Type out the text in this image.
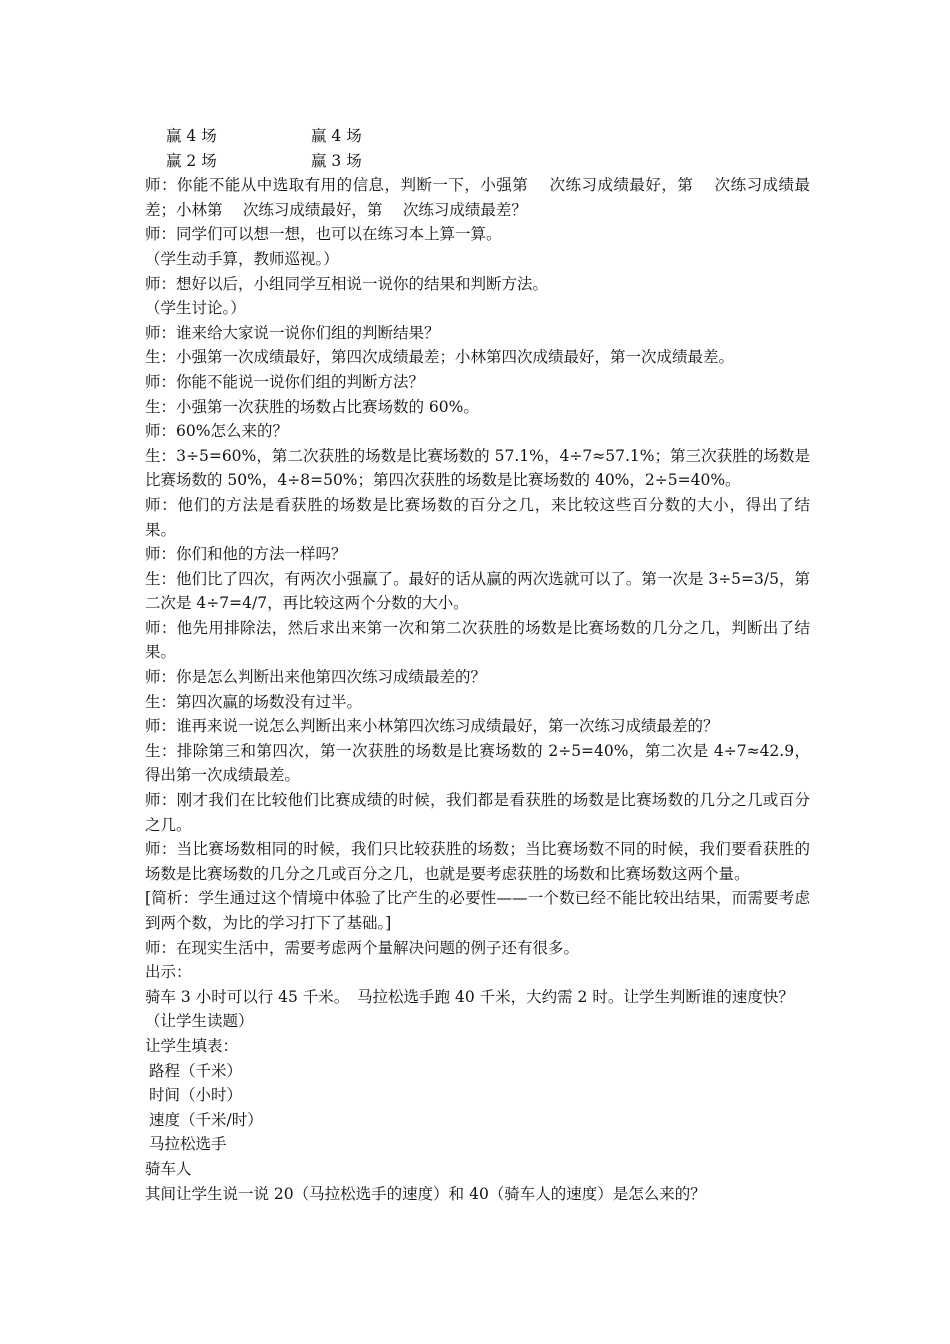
赢 4 场	赢 4 场
赢 2 场	赢 3 场
师：你能不能从中选取有用的信息，判断一下，小强第 　次练习成绩最好，第 　次练习成绩最差；小林第 　次练习成绩最好，第 　次练习成绩最差？
师：同学们可以想一想，也可以在练习本上算一算。
（学生动手算，教师巡视。）
师：想好以后，小组同学互相说一说你的结果和判断方法。
（学生讨论。）
师：谁来给大家说一说你们组的判断结果？
生：小强第一次成绩最好，第四次成绩最差；小林第四次成绩最好，第一次成绩最差。
师：你能不能说一说你们组的判断方法？
生：小强第一次获胜的场数占比赛场数的 60%。
师：60%怎么来的？
生：3÷5=60%，第二次获胜的场数是比赛场数的 57.1%，4÷7≈57.1%；第三次获胜的场数是比赛场数的 50%，4÷8=50%；第四次获胜的场数是比赛场数的 40%，2÷5=40%。
师：他们的方法是看获胜的场数是比赛场数的百分之几，来比较这些百分数的大小，得出了结果。
师：你们和他的方法一样吗？
生：他们比了四次，有两次小强赢了。最好的话从赢的两次选就可以了。第一次是 3÷5=3/5，第二次是 4÷7=4/7，再比较这两个分数的大小。
师：他先用排除法，然后求出来第一次和第二次获胜的场数是比赛场数的几分之几，判断出了结果。
师：你是怎么判断出来他第四次练习成绩最差的？
生：第四次赢的场数没有过半。
师：谁再来说一说怎么判断出来小林第四次练习成绩最好，第一次练习成绩最差的？
生：排除第三和第四次，第一次获胜的场数是比赛场数的 2÷5=40%，第二次是 4÷7≈42.9，得出第一次成绩最差。
师：刚才我们在比较他们比赛成绩的时候，我们都是看获胜的场数是比赛场数的几分之几或百分之几。
师：当比赛场数相同的时候，我们只比较获胜的场数；当比赛场数不同的时候，我们要看获胜的场数是比赛场数的几分之几或百分之几，也就是要考虑获胜的场数和比赛场数这两个量。
[简析：学生通过这个情境中体验了比产生的必要性——一个数已经不能比较出结果，而需要考虑到两个数，为比的学习打下了基础。]
师：在现实生活中，需要考虑两个量解决问题的例子还有很多。
出示：
骑车 3 小时可以行 45 千米。　马拉松选手跑 40 千米，大约需 2 时。让学生判断谁的速度快？
（让学生读题）
让学生填表：
路程（千米）
时间（小时）
速度（千米/时）
马拉松选手
骑车人
其间让学生说一说 20（马拉松选手的速度）和 40（骑车人的速度）是怎么来的？
